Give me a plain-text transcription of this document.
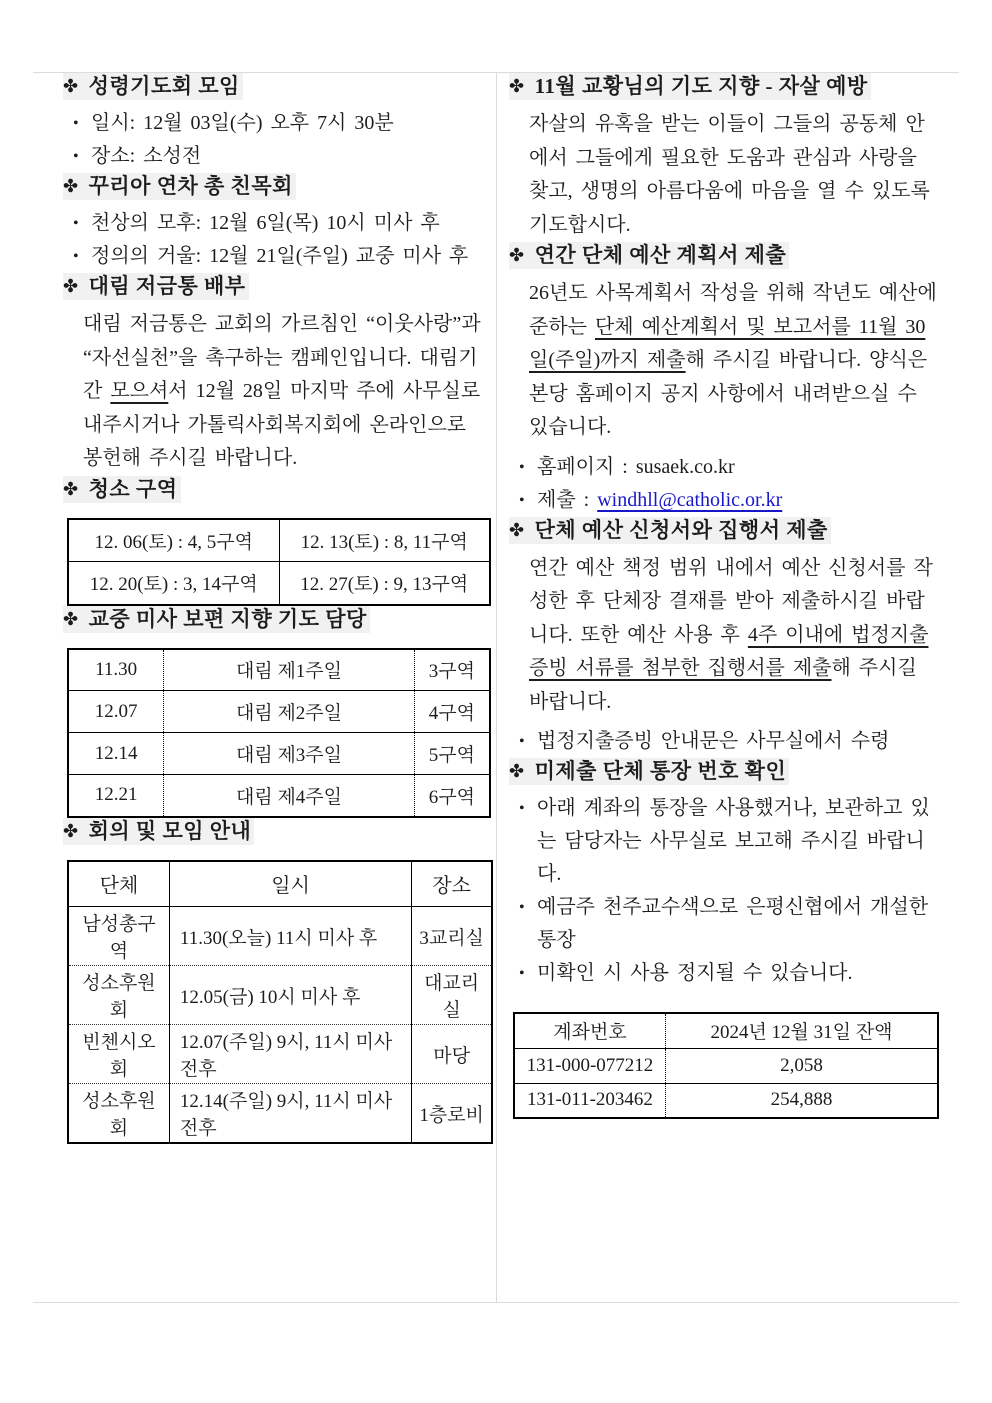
✤ 성령기도회 모임
• 일시: 12월 03일(수) 오후 7시 30분
• 장소: 소성전
✤ 꾸리아 연차 총 친목회
• 천상의 모후: 12월 6일(목) 10시 미사 후
• 정의의 거울: 12월 21일(주일) 교중 미사 후
✤ 대림 저금통 배부

대림 저금통은 교회의 가르침인 “이웃사랑”과 “자선실천”을 촉구하는 캠페인입니다. 대림기간 모으셔서 12월 28일 마지막 주에 사무실로 내주시거나 가톨릭사회복지회에 온라인으로 봉헌해 주시길 바랍니다.

✤ 청소 구역
12. 06(토) : 4, 5구역	12. 13(토) : 8, 11구역
12. 20(토) : 3, 14구역	12. 27(토) : 9, 13구역
✤ 교중 미사 보편 지향 기도 담당
11.30	대림 제1주일	3구역
12.07	대림 제2주일	4구역
12.14	대림 제3주일	5구역
12.21	대림 제4주일	6구역
✤ 회의 및 모임 안내
단체	일시	장소
남성총구역	11.30(오늘) 11시 미사 후	3교리실
성소후원회	12.05(금) 10시 미사 후	대교리실
빈첸시오회	12.07(주일) 9시, 11시 미사 전후	마당
성소후원회	12.14(주일) 9시, 11시 미사 전후	1층로비
✤ 11월 교황님의 기도 지향 - 자살 예방

자살의 유혹을 받는 이들이 그들의 공동체 안에서 그들에게 필요한 도움과 관심과 사랑을 찾고, 생명의 아름다움에 마음을 열 수 있도록 기도합시다.

✤ 연간 단체 예산 계획서 제출

26년도 사목계획서 작성을 위해 작년도 예산에 준하는 단체 예산계획서 및 보고서를 11월 30일(주일)까지 제출해 주시길 바랍니다. 양식은 본당 홈페이지 공지 사항에서 내려받으실 수 있습니다.

• 홈페이지 : susaek.co.kr
• 제출 : windhll@catholic.or.kr
✤ 단체 예산 신청서와 집행서 제출

연간 예산 책정 범위 내에서 예산 신청서를 작성한 후 단체장 결재를 받아 제출하시길 바랍니다. 또한 예산 사용 후 4주 이내에 법정지출증빙 서류를 첨부한 집행서를 제출해 주시길 바랍니다.

• 법정지출증빙 안내문은 사무실에서 수령
✤ 미제출 단체 통장 번호 확인
• 아래 계좌의 통장을 사용했거나, 보관하고 있는 담당자는 사무실로 보고해 주시길 바랍니다.
• 예금주 천주교수색으로 은평신협에서 개설한 통장
• 미확인 시 사용 정지될 수 있습니다.
계좌번호	2024년 12월 31일 잔액
131-000-077212	2,058
131-011-203462	254,888
